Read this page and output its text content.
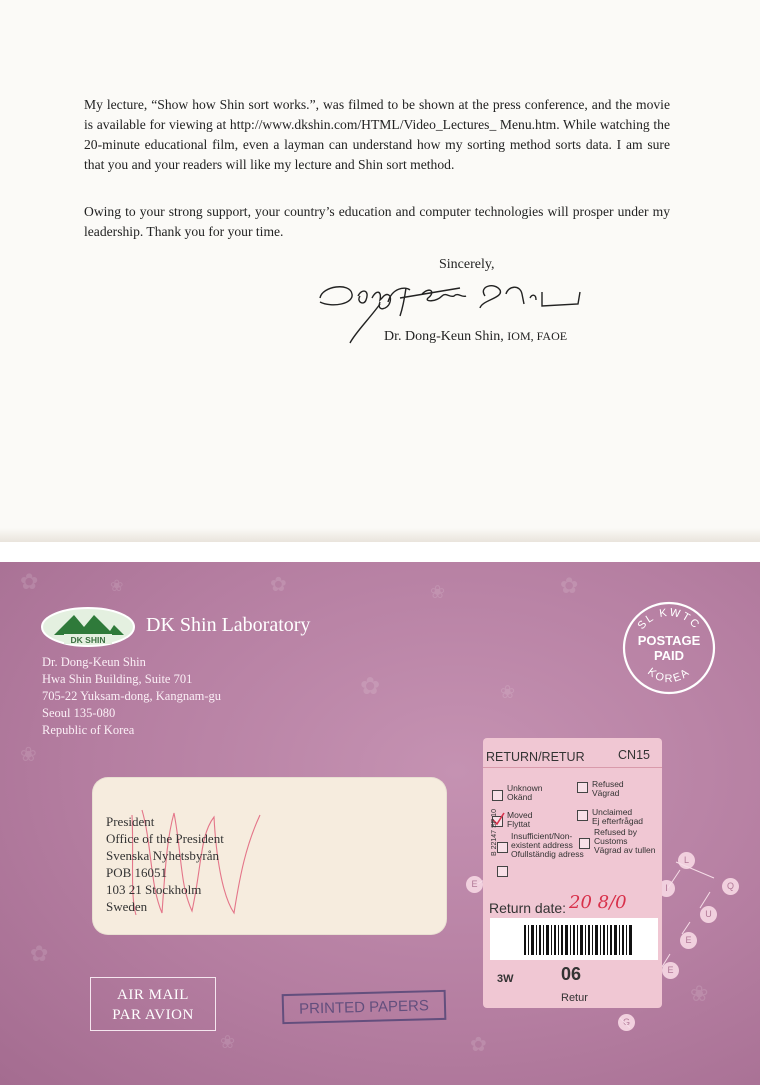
My lecture, “Show how Shin sort works.”, was filmed to be shown at the press conference, and the movie is available for viewing at http://www.dkshin.com/HTML/Video_Lectures_ Menu.htm. While watching the 20-minute educational film, even a layman can understand how my sorting method sorts data. I am sure that you and your readers will like my lecture and Shin sort method.

Owing to your strong support, your country’s education and computer technologies will prosper under my leadership. Thank you for your time.

Sincerely,
Dr. Dong-Keun Shin, IOM, FAOE
✿	❀	✿	❀	✿
✿	❀
❀
✿
❀	✿
❀
DK SHIN
DK Shin Laboratory
Dr. Dong-Keun Shin
Hwa Shin Building, Suite 701
705-22 Yuksam-dong, Kangnam-gu
Seoul 135-080
Republic of Korea
SL KWTC
POSTAGE
PAID
KOREA
President
Office of the President
Svenska Nyhetsbyrån
POB 16051
103 21 Stockholm
Sweden
E
L
I	Q
U
E
E
G
RETURN/RETUR	CN15
Unknown
Okänd
Refused
Vägrad
Moved
Flyttat
Unclaimed
Ej efterfrågad
Insufficient/Non-
existent address
Ofullständig adress
Refused by
Customs
Vägrad av tullen
B 22147 SP 10
Return date: 20 8/0
3W	06
Retur
AIR MAIL
PAR AVION	PRINTED PAPERS
